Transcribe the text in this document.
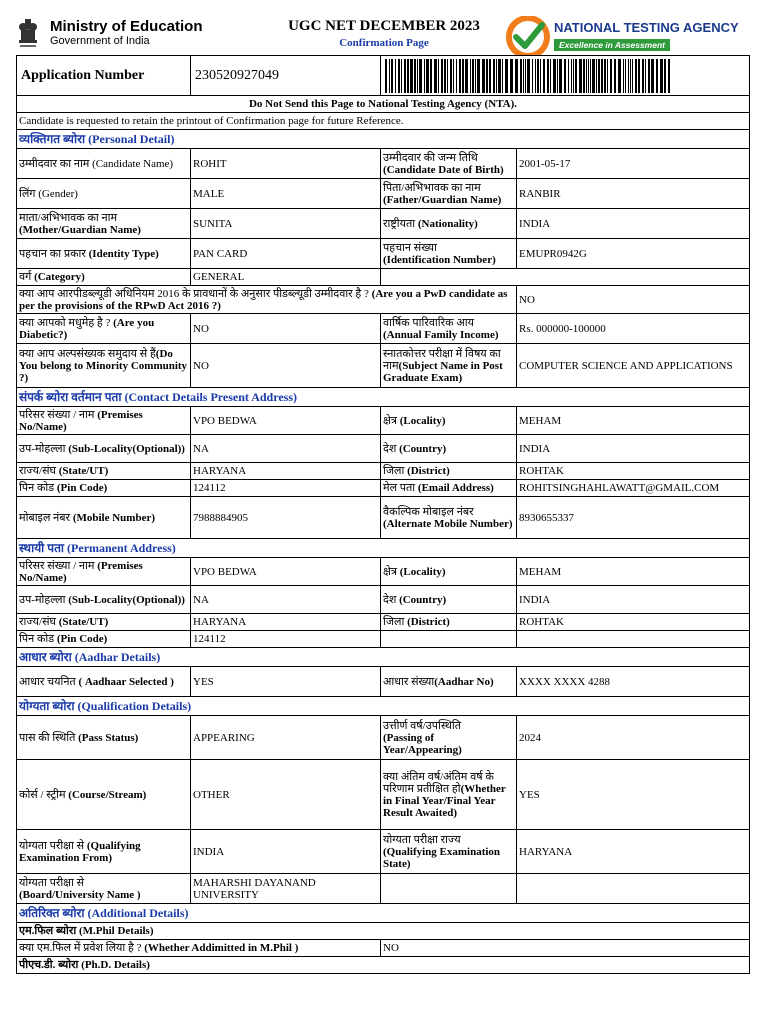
Ministry of Education
Government of India
UGC NET DECEMBER 2023
Confirmation Page
NATIONAL TESTING AGENCY
Excellence in Assessment
Application Number	230520927049	

Do Not Send this Page to National Testing Agency (NTA).			
Candidate is requested to retain the printout of Confirmation page for future Reference.			
व्यक्तिगत ब्योरा (Personal Detail)			
उम्मीदवार का नाम (Candidate Name)	ROHIT	उम्मीदवार की जन्म तिथि
(Candidate Date of Birth)	2001-05-17
लिंग (Gender)	MALE	पिता/अभिभावक का नाम
(Father/Guardian Name)	RANBIR
माता/अभिभावक का नाम
(Mother/Guardian Name)	SUNITA	राष्ट्रीयता (Nationality)	INDIA
पहचान का प्रकार (Identity Type)	PAN CARD	पहचान संख्या
(Identification Number)	EMUPR0942G
वर्ग (Category)	GENERAL		
क्या आप आरपीडब्ल्यूडी अधिनियम 2016 के प्रावधानों के अनुसार पीडब्ल्यूडी उम्मीदवार है ? (Are you a PwD candidate as per the provisions of the RPwD Act 2016 ?)			NO
क्या आपको मधुमेह है ? (Are you Diabetic?)	NO	वार्षिक पारिवारिक आय
(Annual Family Income)	Rs. 000000-100000
क्या आप अल्पसंख्यक समुदाय से हैं(Do You belong to Minority Community ?)	NO	स्नातकोत्तर परीक्षा में विषय का नाम(Subject Name in Post Graduate Exam)	COMPUTER SCIENCE AND APPLICATIONS
संपर्क ब्योरा वर्तमान पता (Contact Details Present Address)			
परिसर संख्या / नाम (Premises No/Name)	VPO BEDWA	क्षेत्र (Locality)	MEHAM
उप-मोहल्ला (Sub-Locality(Optional))	NA	देश (Country)	INDIA
राज्य/संघ (State/UT)	HARYANA	जिला (District)	ROHTAK
पिन कोड (Pin Code)	124112	मेल पता (Email Address)	ROHITSINGHAHLAWATT@GMAIL.COM
मोबाइल नंबर (Mobile Number)	7988884905	वैकल्पिक मोबाइल नंबर
(Alternate Mobile Number)	8930655337
स्थायी पता (Permanent Address)			
परिसर संख्या / नाम (Premises No/Name)	VPO BEDWA	क्षेत्र (Locality)	MEHAM
उप-मोहल्ला (Sub-Locality(Optional))	NA	देश (Country)	INDIA
राज्य/संघ (State/UT)	HARYANA	जिला (District)	ROHTAK
पिन कोड (Pin Code)	124112		
आधार ब्योरा (Aadhar Details)			
आधार चयनित ( Aadhaar Selected )	YES	आधार संख्या(Aadhar No)	XXXX XXXX 4288
योग्यता ब्योरा (Qualification Details)			
पास की स्थिति (Pass Status)	APPEARING	उत्तीर्ण वर्ष/उपस्थिति
(Passing of Year/Appearing)	2024
कोर्स / स्ट्रीम (Course/Stream)	OTHER	क्या अंतिम वर्ष/अंतिम वर्ष के परिणाम प्रतीक्षित हो(Whether in Final Year/Final Year Result Awaited)	YES
योग्यता परीक्षा से (Qualifying Examination From)	INDIA	योग्यता परीक्षा राज्य
(Qualifying Examination State)	HARYANA
योग्यता परीक्षा से
(Board/University Name )	MAHARSHI DAYANAND UNIVERSITY		
अतिरिक्त ब्योरा (Additional Details)			
एम.फिल ब्योरा (M.Phil Details)			
क्या एम.फिल में प्रवेश लिया है ? (Whether Addimitted in M.Phil )		NO	
पीएच.डी. ब्योरा (Ph.D. Details)			
